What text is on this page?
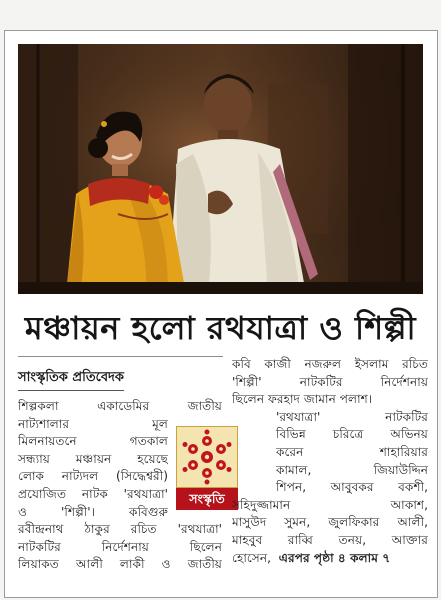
মঞ্চায়ন হলো রথযাত্রা ও শিল্পী
সাংস্কৃতিক প্রতিবেদক
শিল্পকলা একাডেমির জাতীয়
নাট্যশালার মূল
মিলনায়তনে গতকাল
সন্ধ্যায় মঞ্চায়ন হয়েছে
লোক নাট্যদল (সিদ্ধেশ্বরী)
প্রযোজিত নাটক 'রথযাত্রা'
ও 'শিল্পী'। কবিগুরু
রবীন্দ্রনাথ ঠাকুর রচিত 'রথযাত্রা'
নাটকটির নির্দেশনায় ছিলেন
লিয়াকত আলী লাকী ও জাতীয়
সংস্কৃতি
কবি কাজী নজরুল ইসলাম রচিত
'শিল্পী' নাটকটির নির্দেশনায়
ছিলেন ফরহাদ জামান পলাশ।
'রথযাত্রা' নাটকটির
বিভিন্ন চরিত্রে অভিনয়
করেন শাহারিয়ার
কামাল, জিয়াউদ্দিন
শিপন, আবুবকর বকশী,
সহিদুজ্জামান আকাশ,
মাসুউদ সুমন, জুলফিকার আলী,
মাহবুব রাব্বি তনয়, আক্তার
হোসেন, এরপর পৃষ্ঠা ৪ কলাম ৭
